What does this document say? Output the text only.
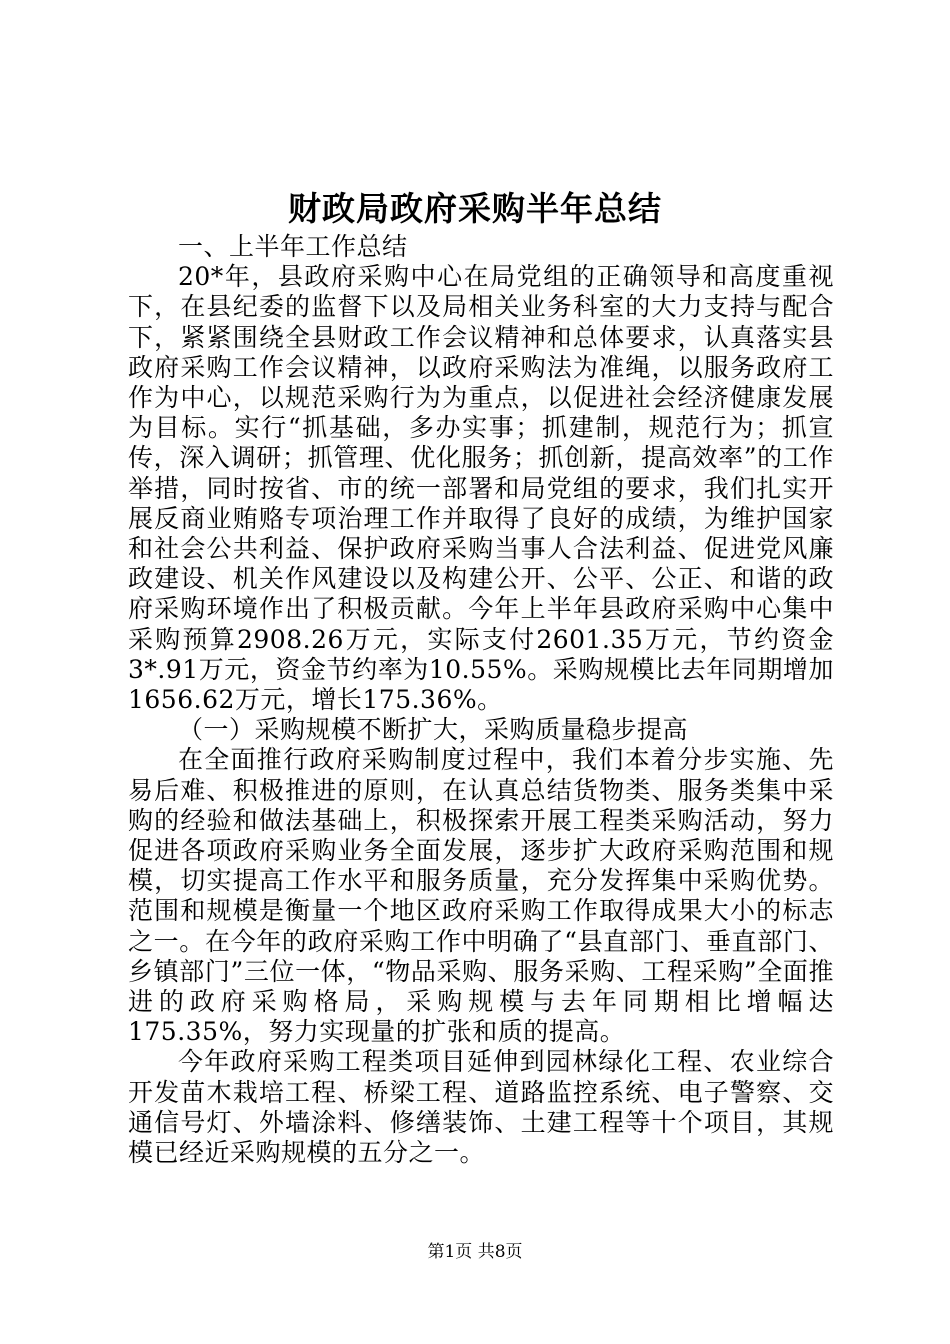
财政局政府采购半年总结

一、上半年工作总结

20*年，县政府采购中心在局党组的正确领导和高度重视下，在县纪委的监督下以及局相关业务科室的大力支持与配合下，紧紧围绕全县财政工作会议精神和总体要求，认真落实县政府采购工作会议精神，以政府采购法为准绳，以服务政府工作为中心，以规范采购行为为重点，以促进社会经济健康发展为目标。实行“抓基础，多办实事；抓建制，规范行为；抓宣传，深入调研；抓管理、优化服务；抓创新，提高效率”的工作举措，同时按省、市的统一部署和局党组的要求，我们扎实开展反商业贿赂专项治理工作并取得了良好的成绩，为维护国家和社会公共利益、保护政府采购当事人合法利益、促进党风廉政建设、机关作风建设以及构建公开、公平、公正、和谐的政府采购环境作出了积极贡献。今年上半年县政府采购中心集中采购预算2908.26万元，实际支付2601.35万元，节约资金3*.91万元，资金节约率为10.55%。采购规模比去年同期增加1656.62万元，增长175.36%。

（一）采购规模不断扩大，采购质量稳步提高

在全面推行政府采购制度过程中，我们本着分步实施、先易后难、积极推进的原则，在认真总结货物类、服务类集中采购的经验和做法基础上，积极探索开展工程类采购活动，努力促进各项政府采购业务全面发展，逐步扩大政府采购范围和规模，切实提高工作水平和服务质量，充分发挥集中采购优势。范围和规模是衡量一个地区政府采购工作取得成果大小的标志之一。在今年的政府采购工作中明确了“县直部门、垂直部门、乡镇部门”三位一体，“物品采购、服务采购、工程采购”全面推进的政府采购格局，采购规模与去年同期相比增幅达175.35%，努力实现量的扩张和质的提高。

今年政府采购工程类项目延伸到园林绿化工程、农业综合开发苗木栽培工程、桥梁工程、道路监控系统、电子警察、交通信号灯、外墙涂料、修缮装饰、土建工程等十个项目，其规模已经近采购规模的五分之一。

第1页 共8页
